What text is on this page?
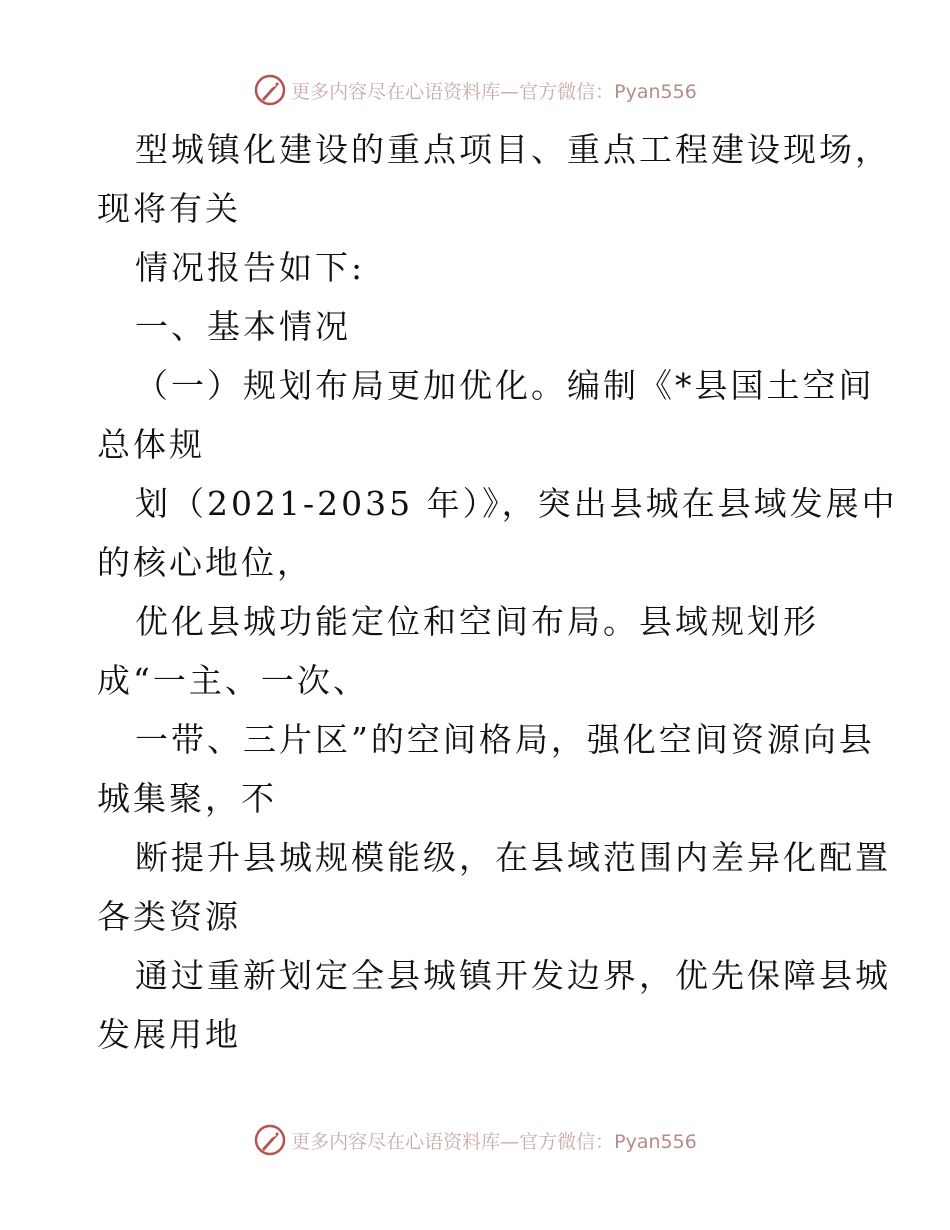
更多内容尽在心语资料库—官方微信：Pyan556
型城镇化建设的重点项目、重点工程建设现场，
现将有关
情况报告如下:
一、基本情况
（一）规划布局更加优化。编制《*县国土空间
总体规
划（2021-2035 年）》，突出县城在县域发展中
的核心地位，
优化县城功能定位和空间布局。县域规划形
成“一主、一次、
一带、三片区”的空间格局，强化空间资源向县
城集聚，不
断提升县城规模能级，在县域范围内差异化配置
各类资源
通过重新划定全县城镇开发边界，优先保障县城
发展用地
更多内容尽在心语资料库—官方微信：Pyan556
